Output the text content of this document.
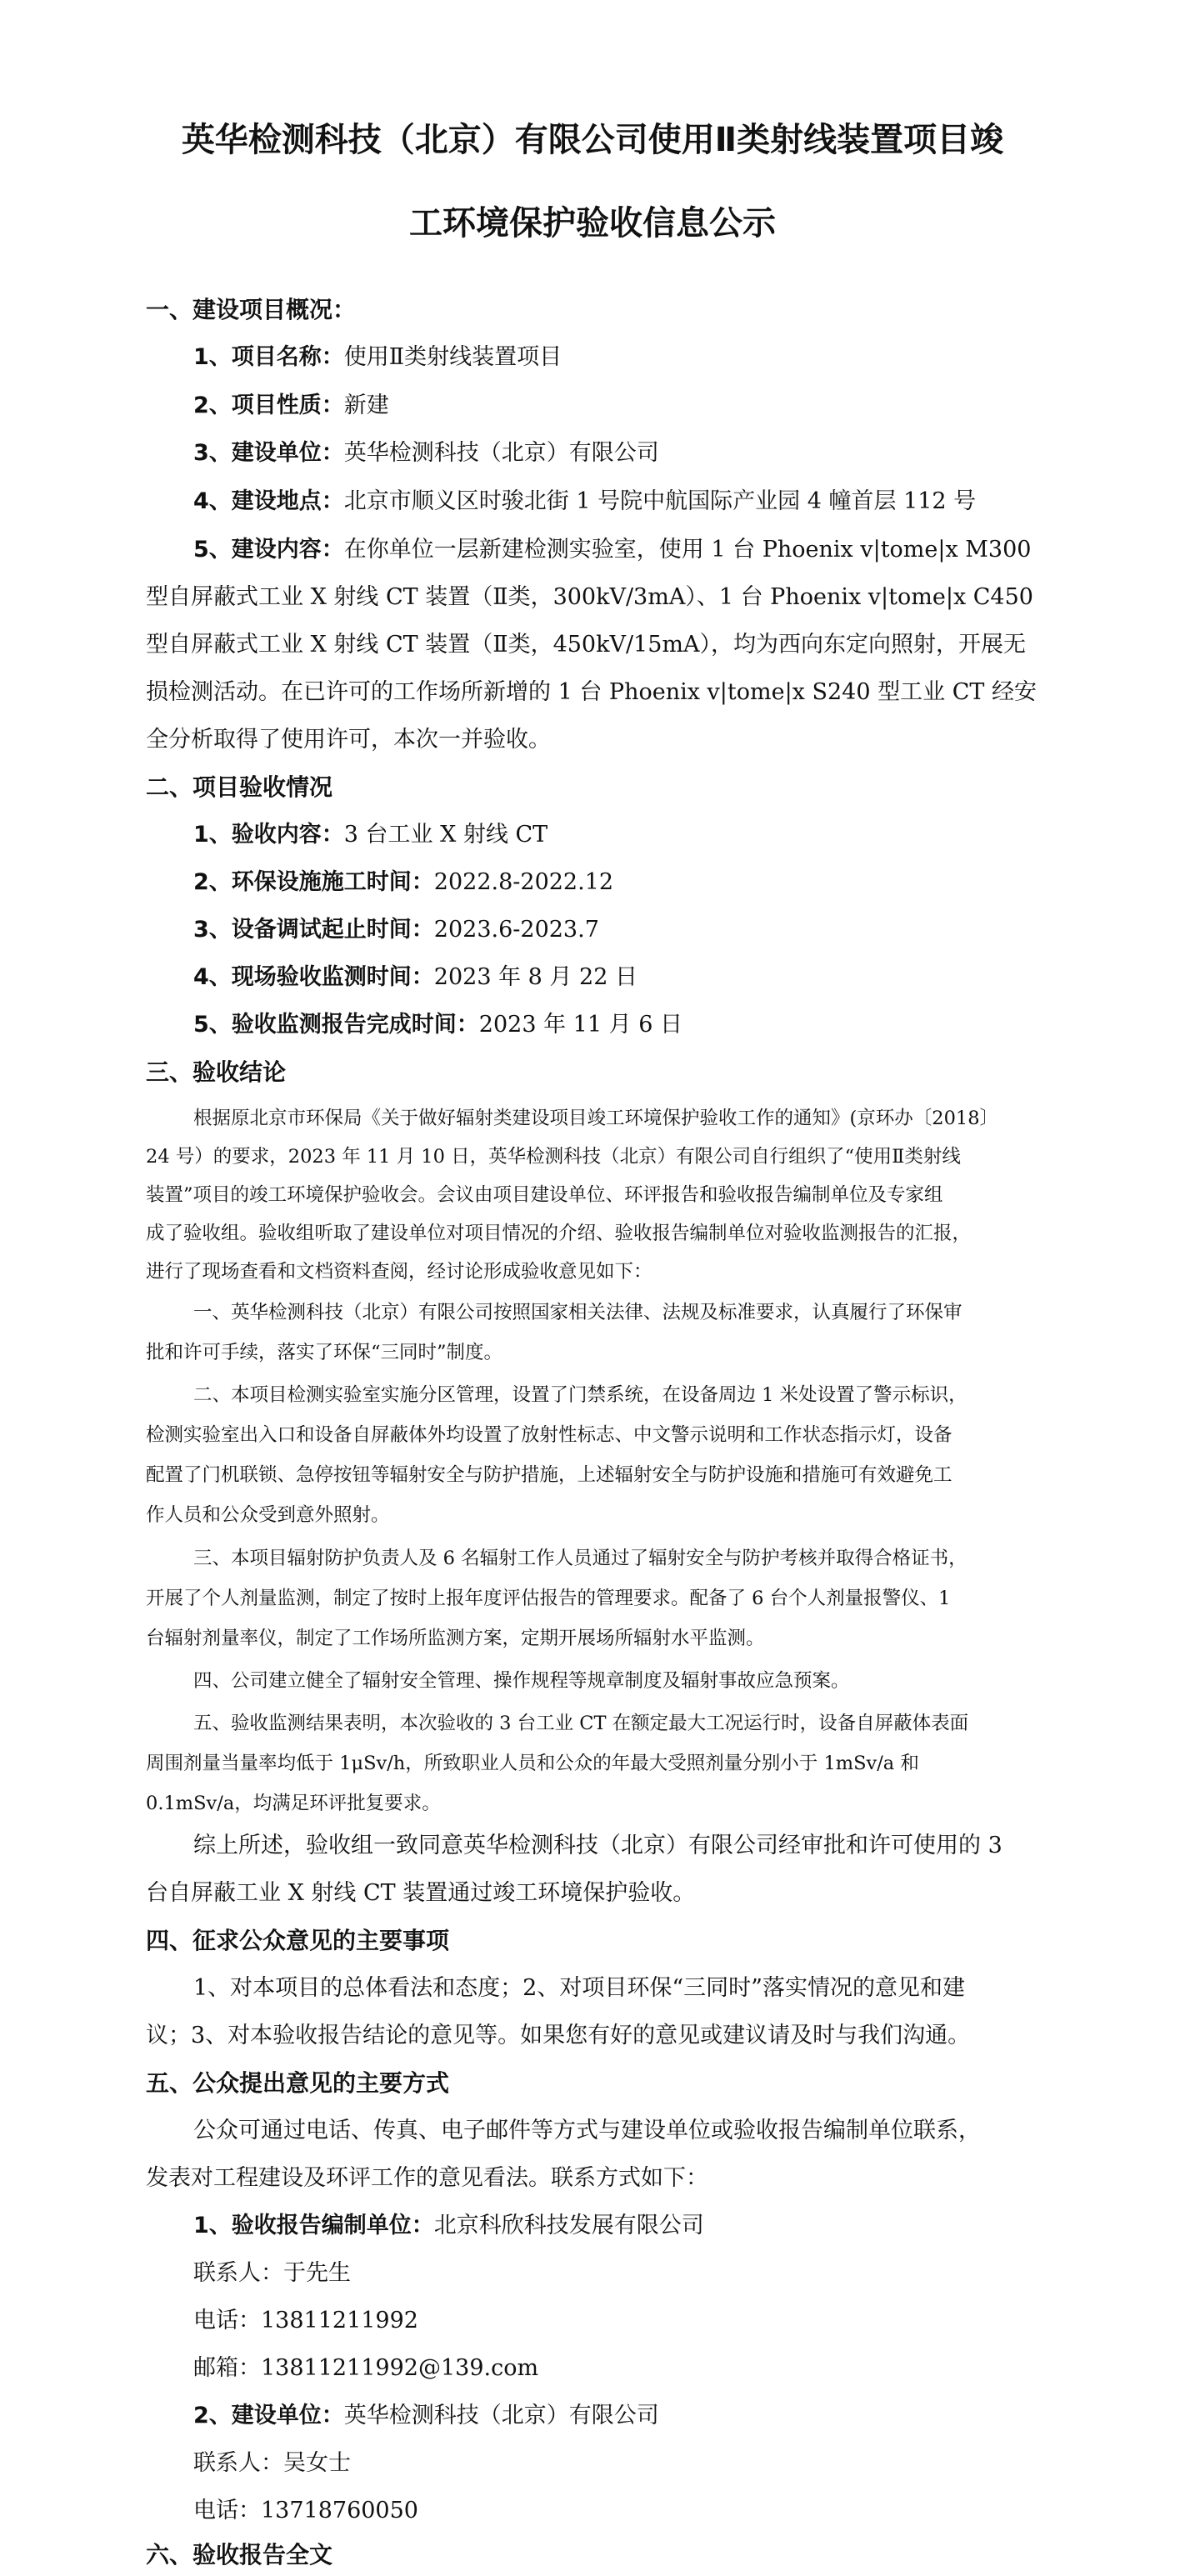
英华检测科技（北京）有限公司使用Ⅱ类射线装置项目竣
工环境保护验收信息公示
一、建设项目概况：
1、项目名称：使用Ⅱ类射线装置项目
2、项目性质：新建
3、建设单位：英华检测科技（北京）有限公司
4、建设地点：北京市顺义区时骏北街 1 号院中航国际产业园 4 幢首层 112 号
5、建设内容：在你单位一层新建检测实验室，使用 1 台 Phoenix v|tome|x M300
型自屏蔽式工业 X 射线 CT 装置（Ⅱ类，300kV/3mA）、1 台 Phoenix v|tome|x C450
型自屏蔽式工业 X 射线 CT 装置（Ⅱ类，450kV/15mA），均为西向东定向照射，开展无
损检测活动。在已许可的工作场所新增的 1 台 Phoenix v|tome|x S240 型工业 CT 经安
全分析取得了使用许可，本次一并验收。
二、项目验收情况
1、验收内容：3 台工业 X 射线 CT
2、环保设施施工时间：2022.8-2022.12
3、设备调试起止时间：2023.6-2023.7
4、现场验收监测时间：2023 年 8 月 22 日
5、验收监测报告完成时间：2023 年 11 月 6 日
三、验收结论
根据原北京市环保局《关于做好辐射类建设项目竣工环境保护验收工作的通知》(京环办〔2018〕
24 号）的要求，2023 年 11 月 10 日，英华检测科技（北京）有限公司自行组织了“使用Ⅱ类射线
装置”项目的竣工环境保护验收会。会议由项目建设单位、环评报告和验收报告编制单位及专家组
成了验收组。验收组听取了建设单位对项目情况的介绍、验收报告编制单位对验收监测报告的汇报，
进行了现场查看和文档资料查阅，经讨论形成验收意见如下：
一、英华检测科技（北京）有限公司按照国家相关法律、法规及标准要求，认真履行了环保审
批和许可手续，落实了环保“三同时”制度。
二、本项目检测实验室实施分区管理，设置了门禁系统，在设备周边 1 米处设置了警示标识，
检测实验室出入口和设备自屏蔽体外均设置了放射性标志、中文警示说明和工作状态指示灯，设备
配置了门机联锁、急停按钮等辐射安全与防护措施，上述辐射安全与防护设施和措施可有效避免工
作人员和公众受到意外照射。
三、本项目辐射防护负责人及 6 名辐射工作人员通过了辐射安全与防护考核并取得合格证书，
开展了个人剂量监测，制定了按时上报年度评估报告的管理要求。配备了 6 台个人剂量报警仪、1
台辐射剂量率仪，制定了工作场所监测方案，定期开展场所辐射水平监测。
四、公司建立健全了辐射安全管理、操作规程等规章制度及辐射事故应急预案。
五、验收监测结果表明，本次验收的 3 台工业 CT 在额定最大工况运行时，设备自屏蔽体表面
周围剂量当量率均低于 1μSv/h，所致职业人员和公众的年最大受照剂量分别小于 1mSv/a 和
0.1mSv/a，均满足环评批复要求。
综上所述，验收组一致同意英华检测科技（北京）有限公司经审批和许可使用的 3
台自屏蔽工业 X 射线 CT 装置通过竣工环境保护验收。
四、征求公众意见的主要事项
1、对本项目的总体看法和态度；2、对项目环保“三同时”落实情况的意见和建
议；3、对本验收报告结论的意见等。如果您有好的意见或建议请及时与我们沟通。
五、公众提出意见的主要方式
公众可通过电话、传真、电子邮件等方式与建设单位或验收报告编制单位联系，
发表对工程建设及环评工作的意见看法。联系方式如下：
1、验收报告编制单位：北京科欣科技发展有限公司
联系人：于先生
电话：13811211992
邮箱：13811211992@139.com
2、建设单位：英华检测科技（北京）有限公司
联系人：吴女士
电话：13718760050
六、验收报告全文
